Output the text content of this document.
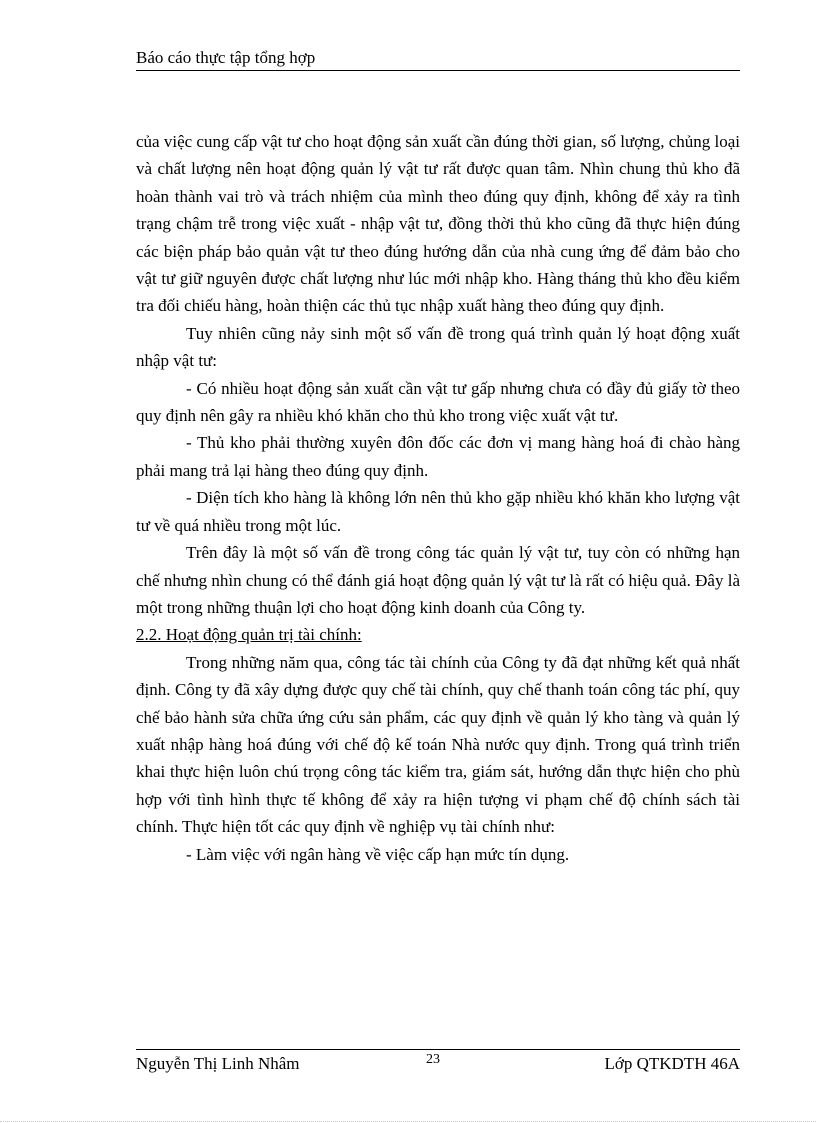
Báo cáo thực tập tổng hợp

của việc cung cấp vật tư cho hoạt động sản xuất cần đúng thời gian, số lượng, chủng loại và chất lượng nên hoạt động quản lý vật tư rất được quan tâm. Nhìn chung thủ kho đã hoàn thành vai trò và trách nhiệm của mình theo đúng quy định, không để xảy ra tình trạng chậm trễ trong việc xuất - nhập vật tư, đồng thời thủ kho cũng đã thực hiện đúng các biện pháp bảo quản vật tư theo đúng hướng dẫn của nhà cung ứng để đảm bảo cho vật tư giữ nguyên được chất lượng như lúc mới nhập kho. Hàng tháng thủ kho đều kiểm tra đối chiếu hàng, hoàn thiện các thủ tục nhập xuất hàng theo đúng quy định.

Tuy nhiên cũng nảy sinh một số vấn đề trong quá trình quản lý hoạt động xuất nhập vật tư:

- Có nhiều hoạt động sản xuất cần vật tư gấp nhưng chưa có đầy đủ giấy tờ theo quy định nên gây ra nhiều khó khăn cho thủ kho trong việc xuất vật tư.

- Thủ kho phải thường xuyên đôn đốc các đơn vị mang hàng hoá đi chào hàng phải mang trả lại hàng theo đúng quy định.

- Diện tích kho hàng là không lớn nên thủ kho gặp nhiều khó khăn kho lượng vật tư về quá nhiều trong một lúc.

Trên đây là một số vấn đề trong công tác quản lý vật tư, tuy còn có những hạn chế nhưng nhìn chung có thể đánh giá hoạt động quản lý vật tư là rất có hiệu quả. Đây là một trong những thuận lợi cho hoạt động kinh doanh của Công ty.

2.2. Hoạt động quản trị tài chính:

Trong những năm qua, công tác tài chính của Công ty đã đạt những kết quả nhất định. Công ty đã xây dựng được quy chế tài chính, quy chế thanh toán công tác phí, quy chế bảo hành sửa chữa ứng cứu sản phẩm, các quy định về quản lý kho tàng và quản lý xuất nhập hàng hoá đúng với chế độ kế toán Nhà nước quy định. Trong quá trình triển khai thực hiện luôn chú trọng công tác kiểm tra, giám sát, hướng dẫn thực hiện cho phù hợp với tình hình thực tế không để xảy ra hiện tượng vi phạm chế độ chính sách tài chính. Thực hiện tốt các quy định về nghiệp vụ tài chính như:

- Làm việc với ngân hàng về việc cấp hạn mức tín dụng.

Nguyễn Thị Linh Nhâm	23	Lớp QTKDTH 46A
